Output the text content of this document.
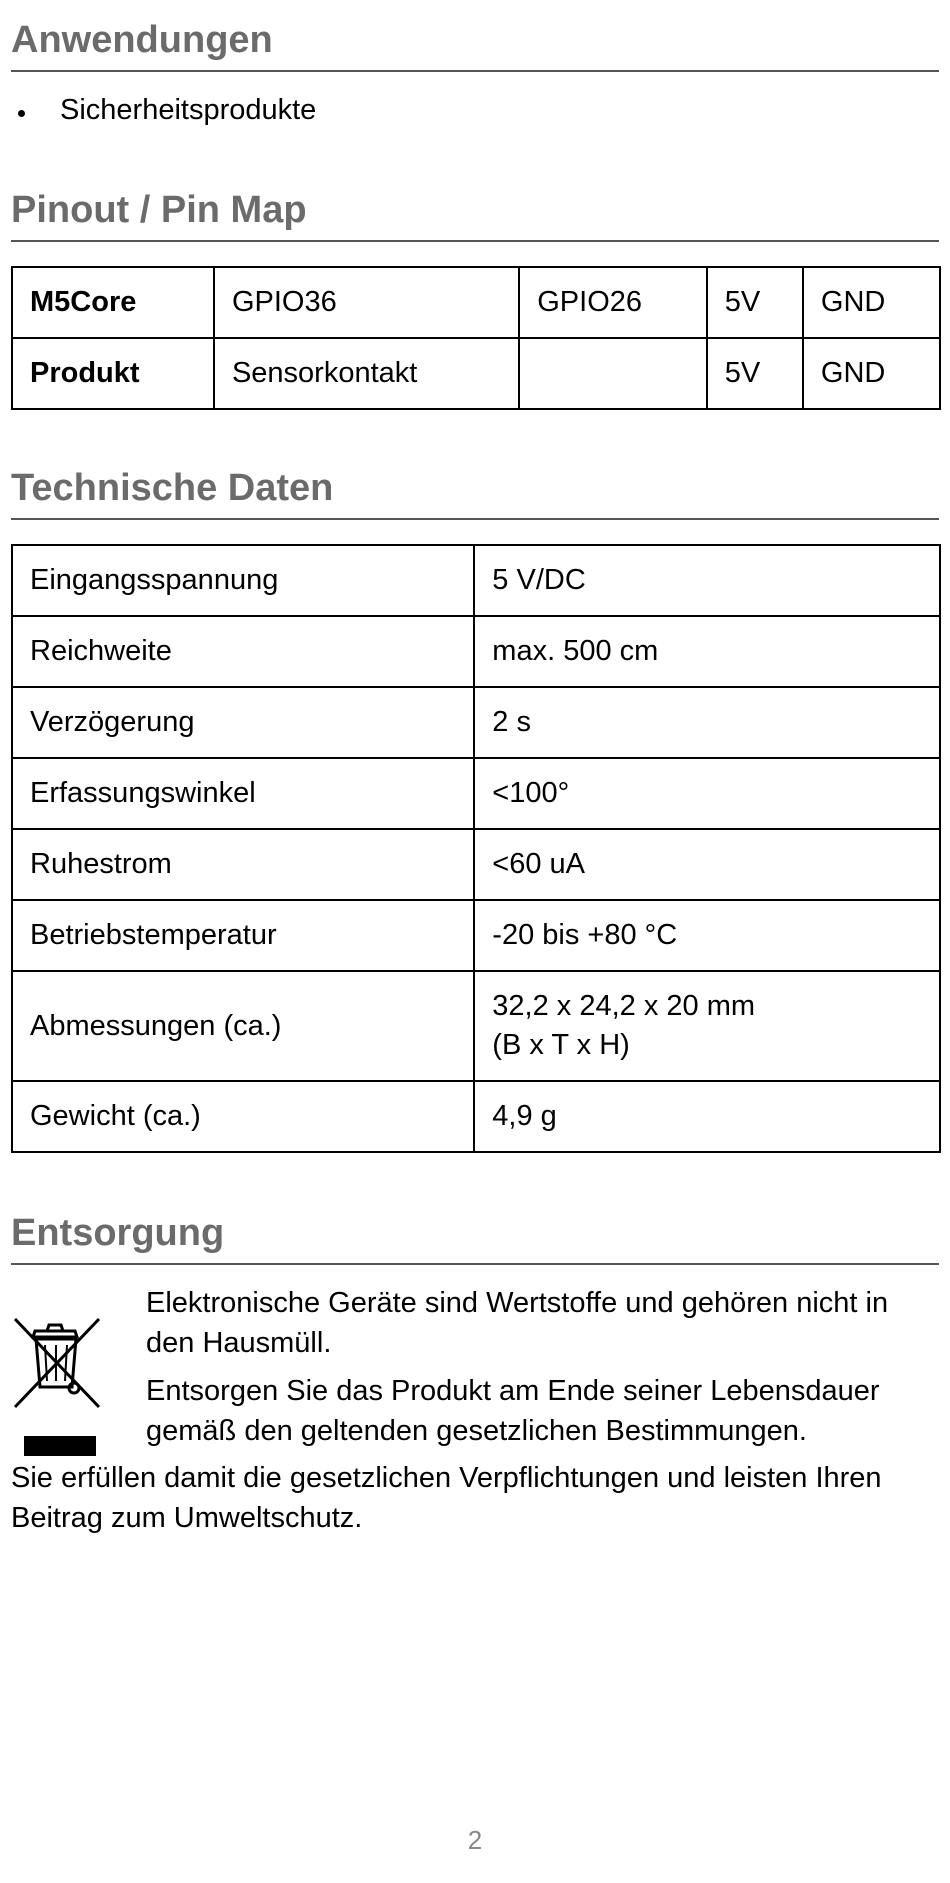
Anwendungen
Sicherheitsprodukte
Pinout / Pin Map
M5Core	GPIO36	GPIO26	5V	GND
Produkt	Sensorkontakt		5V	GND
Technische Daten
Eingangsspannung	5 V/DC
Reichweite	max. 500 cm
Verzögerung	2 s
Erfassungswinkel	<100°
Ruhestrom	<60 uA
Betriebstemperatur	-20 bis +80 °C
Abmessungen (ca.)	32,2 x 24,2 x 20 mm
(B x T x H)
Gewicht (ca.)	4,9 g
Entsorgung

Elektronische Geräte sind Wertstoffe und gehören nicht in den Hausmüll.

Entsorgen Sie das Produkt am Ende seiner Lebensdauer gemäß den geltenden gesetzlichen Bestimmungen.

Sie erfüllen damit die gesetzlichen Verpflichtungen und leisten Ihren Beitrag zum Umweltschutz.

2
